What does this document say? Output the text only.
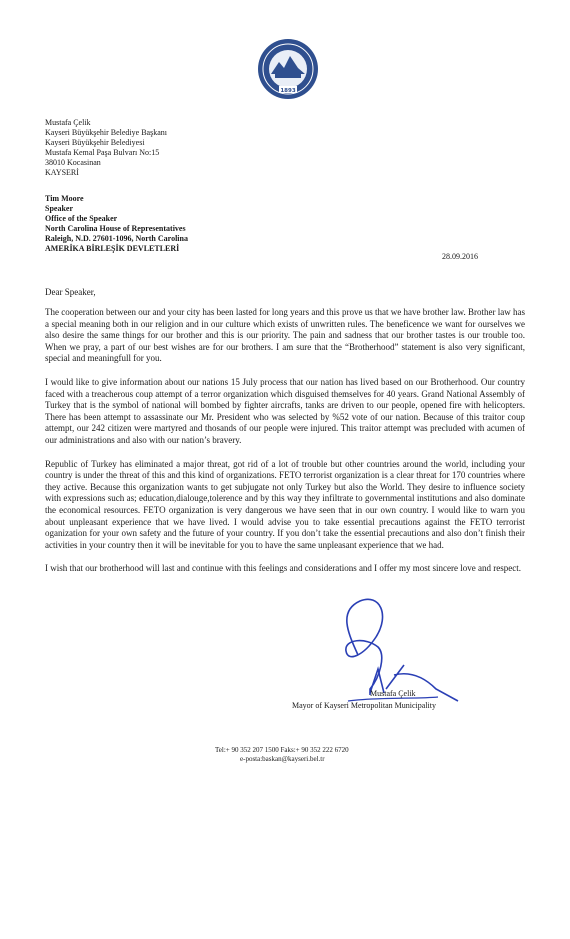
1893
Mustafa Çelik
Kayseri Büyükşehir Belediye Başkanı
Kayseri Büyükşehir Belediyesi
Mustafa Kemal Paşa Bulvarı No:15
38010 Kocasinan
KAYSERİ
Tim Moore
Speaker
Office of the Speaker
North Carolina House of Representatives
Raleigh, N.D. 27601-1096, North Carolina
AMERİKA BİRLEŞİK DEVLETLERİ
28.09.2016
Dear Speaker,

The cooperation between our and your city has been lasted for long years and this prove us that we have brother law. Brother law has a special meaning both in our religion and in our culture which exists of unwritten rules. The beneficence we want for ourselves we also desire the same things for our brother and this is our priority. The pain and sadness that our brother tastes is our trouble too. When we pray, a part of our best wishes are for our brothers. I am sure that the “Brotherhood” statement is also very significant, special and meaningfull for you.

I would like to give information about our nations 15 July process that our nation has lived based on our Brotherhood. Our country faced with a treacherous coup attempt of a terror organization which disguised themselves for 40 years. Grand National Assembly of Turkey that is the symbol of national will bombed by fighter aircrafts, tanks are driven to our people, opened fire with helicopters. There has been attempt to assassinate our Mr. President who was selected by %52 vote of our nation. Because of this traitor coup attempt, our 242 citizen were martyred and thosands of our people were injured. This traitor attempt was precluded with acumen of our administrations and also with our nation’s bravery.

Republic of Turkey has eliminated a major threat, got rid of a lot of trouble but other countries around the world, including your country is under the threat of this and this kind of organizations. FETO terrorist organization is a clear threat for 170 countries where they active. Because this organization wants to get subjugate not only Turkey but also the World. They desire to influence society with expressions such as; education,dialouge,tolerence and by this way they infiltrate to governmental institutions and also dominate the economical resources. FETO organization is very dangerous we have seen that in our own country. I would like to warn you about unpleasant experience that we have lived. I would advise you to take essential precautions against the FETO terrorist oganization for your own safety and the future of your country. If you don’t take the essential precautions and also don’t finish their activities in your country then it will be inevitable for you to have the same unpleasant experience that we had.

I wish that our brotherhood will last and continue with this feelings and considerations and I offer my most sincere love and respect.

Mustafa Çelik
Mayor of Kayseri Metropolitan Municipality
Tel:+ 90 352 207 1500 Faks:+ 90 352 222 6720
e-posta:baskan@kayseri.bel.tr
